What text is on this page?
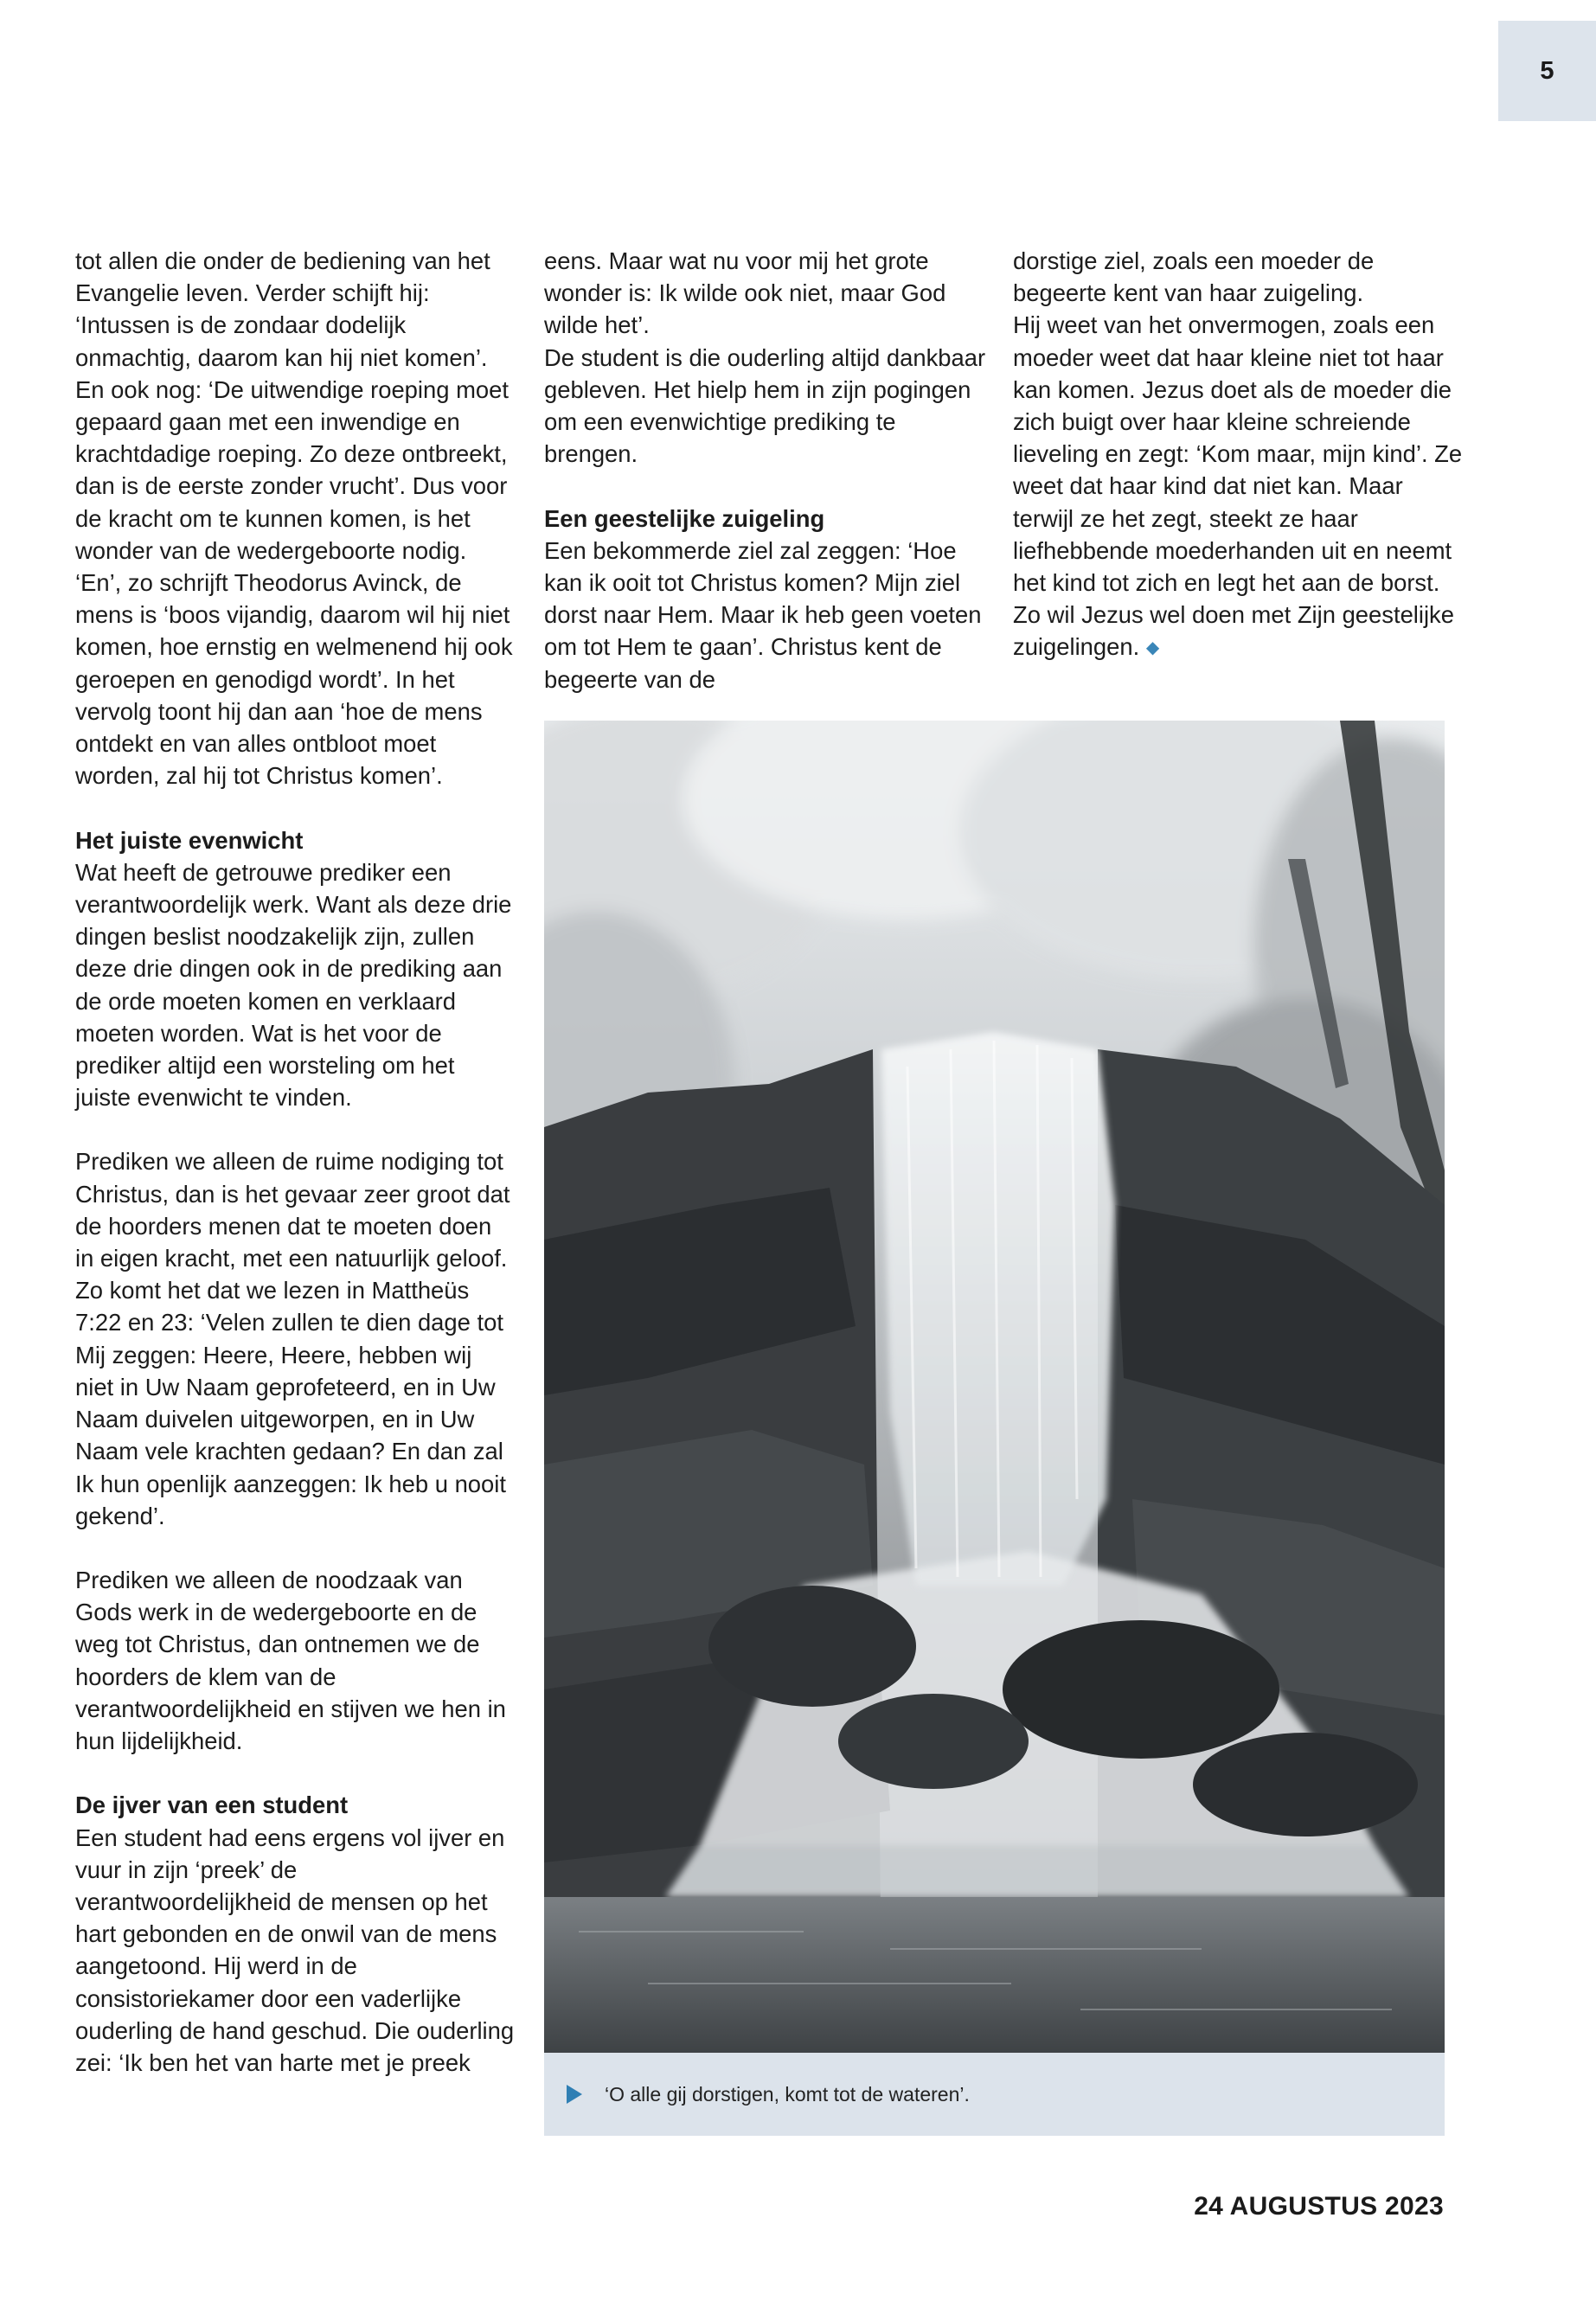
5

tot allen die onder de bediening van het Evangelie leven. Verder schijft hij: ‘Intussen is de zondaar dodelijk onmachtig, daarom kan hij niet komen’. En ook nog: ‘De uitwendige roeping moet gepaard gaan met een inwendige en krachtdadige roeping. Zo deze ontbreekt, dan is de eerste zonder vrucht’. Dus voor de kracht om te kunnen komen, is het wonder van de wedergeboorte nodig. ‘En’, zo schrijft Theodorus Avinck, de mens is ‘boos vijandig, daarom wil hij niet komen, hoe ernstig en welmenend hij ook geroepen en genodigd wordt’. In het vervolg toont hij dan aan ‘hoe de mens ontdekt en van alles ontbloot moet worden, zal hij tot Christus komen’.

Het juiste evenwicht

Wat heeft de getrouwe prediker een verantwoordelijk werk. Want als deze drie dingen beslist noodzakelijk zijn, zullen deze drie dingen ook in de prediking aan de orde moeten komen en verklaard moeten worden. Wat is het voor de prediker altijd een worsteling om het juiste evenwicht te vinden.

Prediken we alleen de ruime nodiging tot Christus, dan is het gevaar zeer groot dat de hoorders menen dat te moeten doen in eigen kracht, met een natuurlijk geloof. Zo komt het dat we lezen in Mattheüs 7:22 en 23: ‘Velen zullen te dien dage tot Mij zeggen: Heere, Heere, hebben wij niet in Uw Naam geprofeteerd, en in Uw Naam duivelen uitgeworpen, en in Uw Naam vele krachten gedaan? En dan zal Ik hun openlijk aanzeggen: Ik heb u nooit gekend’.

Prediken we alleen de noodzaak van Gods werk in de wedergeboorte en de weg tot Christus, dan ontnemen we de hoorders de klem van de verantwoordelijkheid en stijven we hen in hun lijdelijkheid.

De ijver van een student

Een student had eens ergens vol ijver en vuur in zijn ‘preek’ de verantwoordelijkheid de mensen op het hart gebonden en de onwil van de mens aangetoond. Hij werd in de consistoriekamer door een vaderlijke ouderling de hand geschud. Die ouderling zei: ‘Ik ben het van harte met je preek

eens. Maar wat nu voor mij het grote wonder is: Ik wilde ook niet, maar God wilde het’.

De student is die ouderling altijd dankbaar gebleven. Het hielp hem in zijn pogingen om een evenwichtige prediking te brengen.

Een geestelijke zuigeling

Een bekommerde ziel zal zeggen: ‘Hoe kan ik ooit tot Christus komen? Mijn ziel dorst naar Hem. Maar ik heb geen voeten om tot Hem te gaan’. Christus kent de begeerte van de

dorstige ziel, zoals een moeder de begeerte kent van haar zuigeling.

Hij weet van het onvermogen, zoals een moeder weet dat haar kleine niet tot haar kan komen. Jezus doet als de moeder die zich buigt over haar kleine schreiende lieveling en zegt: ‘Kom maar, mijn kind’. Ze weet dat haar kind dat niet kan. Maar terwijl ze het zegt, steekt ze haar liefhebbende moederhanden uit en neemt het kind tot zich en legt het aan de borst. Zo wil Jezus wel doen met Zijn geestelijke zuigelingen. ◆

‘O alle gij dorstigen, komt tot de wateren’.
24 AUGUSTUS 2023
